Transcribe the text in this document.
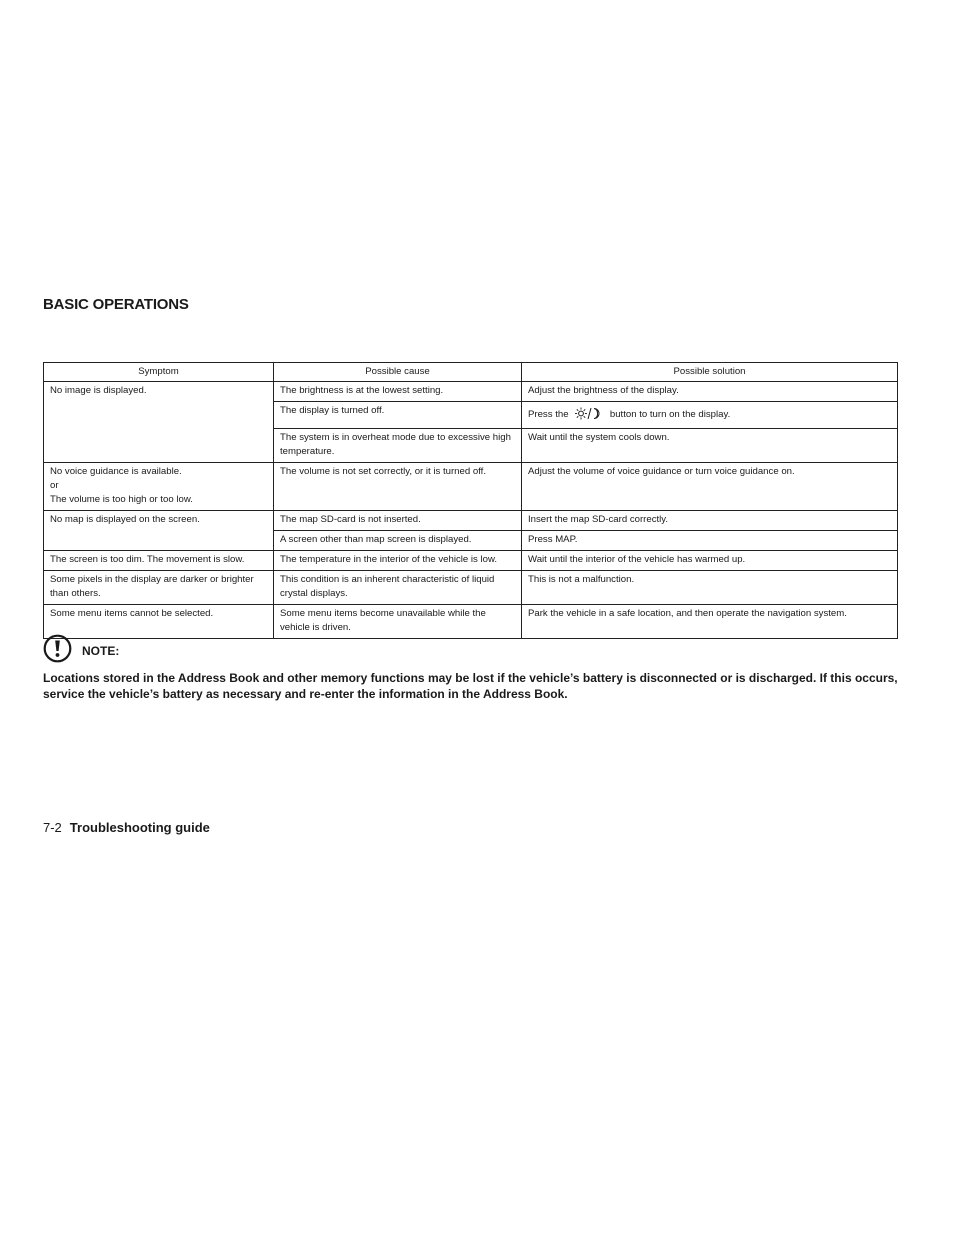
BASIC OPERATIONS
Symptom	Possible cause	Possible solution
No image is displayed.	The brightness is at the lowest setting.	Adjust the brightness of the display.
	The display is turned off.	Press the button to turn on the display.
	The system is in overheat mode due to excessive high temperature.	Wait until the system cools down.
No voice guidance is available.
or
The volume is too high or too low.	The volume is not set correctly, or it is turned off.	Adjust the volume of voice guidance or turn voice guidance on.
No map is displayed on the screen.	The map SD-card is not inserted.	Insert the map SD-card correctly.
	A screen other than map screen is displayed.	Press MAP.
The screen is too dim. The movement is slow.	The temperature in the interior of the vehicle is low.	Wait until the interior of the vehicle has warmed up.
Some pixels in the display are darker or brighter than others.	This condition is an inherent characteristic of liquid crystal displays.	This is not a malfunction.
Some menu items cannot be selected.	Some menu items become unavailable while the vehicle is driven.	Park the vehicle in a safe location, and then operate the navigation system.
NOTE:
Locations stored in the Address Book and other memory functions may be lost if the vehicle’s battery is disconnected or is discharged. If this occurs, service the vehicle’s battery as necessary and re-enter the information in the Address Book.
7-2 Troubleshooting guide
